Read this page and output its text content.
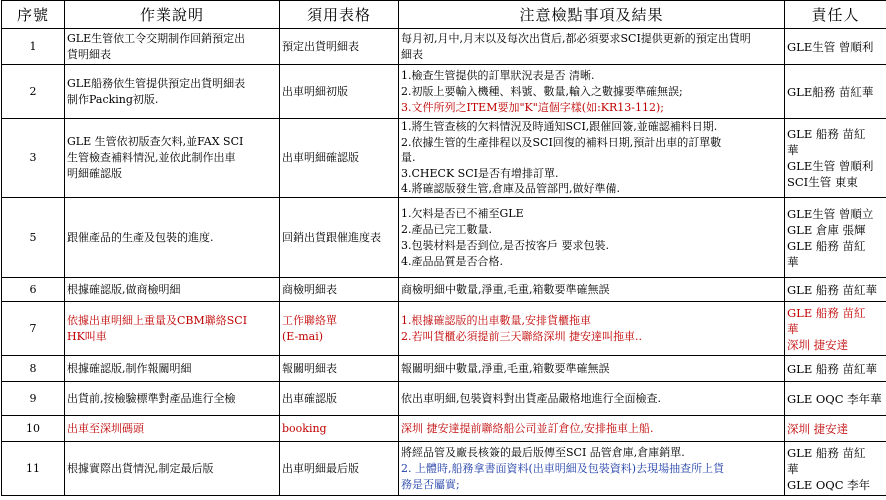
序號	作業說明	須用表格	注意檢點事項及結果	責任人
1	GLE生管依工令交期制作回銷預定出
貨明細表	預定出貨明細表	每月初,月中,月末以及每次出貨后,都必須要求SCI提供更新的預定出貨明
細表	GLE生管 曾順利

2	GLE船務依生管提供預定出貨明細表
制作Packing初版.	出車明細初版	1.檢查生管提供的訂單狀況表是否 清晰.
2.初版上要輸入機種、料號、數量,輸入之數據要準確無誤;
3.文件所列之ITEM要加"K"這個字樣(如:KR13-112);	GLE船務 苗紅華

3	GLE 生管依初版查欠料,並FAX SCI
生管檢查補料情況,並依此制作出車
明細確認版	出車明細確認版	1.將生管查核的欠料情況及時通知SCI,跟催回簽,並確認補料日期.
2.依據生管的生產排程以及SCI回復的補料日期,預計出車的訂單數
量.
3.CHECK SCI是否有增排訂單.
4.將確認版發生管,倉庫及品管部門,做好準備.	GLE 船務 苗紅
華
GLE生管 曾順利
SCI生管 東東

5	跟催產品的生產及包裝的進度.	回銷出貨跟催進度表	1.欠料是否已不補至GLE
2.產品已完工數量.
3.包裝材料是否到位,是否按客戶 要求包裝.
4.產品品質是否合格.	GLE生管 曾順立
GLE 倉庫 張輝
GLE 船務 苗紅
華

6	根據確認版,做商檢明細	商檢明細表	商檢明細中數量,淨重,毛重,箱數要準確無誤	GLE 船務 苗紅華

7	依據出車明細上重量及CBM聯絡SCI
HK叫車	工作聯絡單
(E-mai)	1.根據確認版的出車數量,安排貨櫃拖車
2.若叫貨櫃必須提前三天聯絡深圳 捷安達叫拖車..	GLE 船務 苗紅
華
深圳 捷安達

8	根據確認版,制作報關明細	報關明細表	報關明細中數量,淨重,毛重,箱數要準確無誤	GLE 船務 苗紅華

9	出貨前,按檢驗標準對產品進行全檢	出車確認版	依出車明細,包裝資料對出貨產品嚴格地進行全面檢查.	GLE OQC 李年華

10	出車至深圳碼頭	booking	深圳 捷安達提前聯絡船公司並訂倉位,安排拖車上船.	深圳 捷安達

11	根據實際出貨情況,制定最后版	出車明細最后版	將經品管及廠長核簽的最后版傳至SCI 品管倉庫,倉庫銷單.
2. 上體時,船務拿書面資料(出車明細及包裝資料)去現場抽查所上貨
務是否屬實;	GLE 船務 苗紅
華
GLE OQC 李年
